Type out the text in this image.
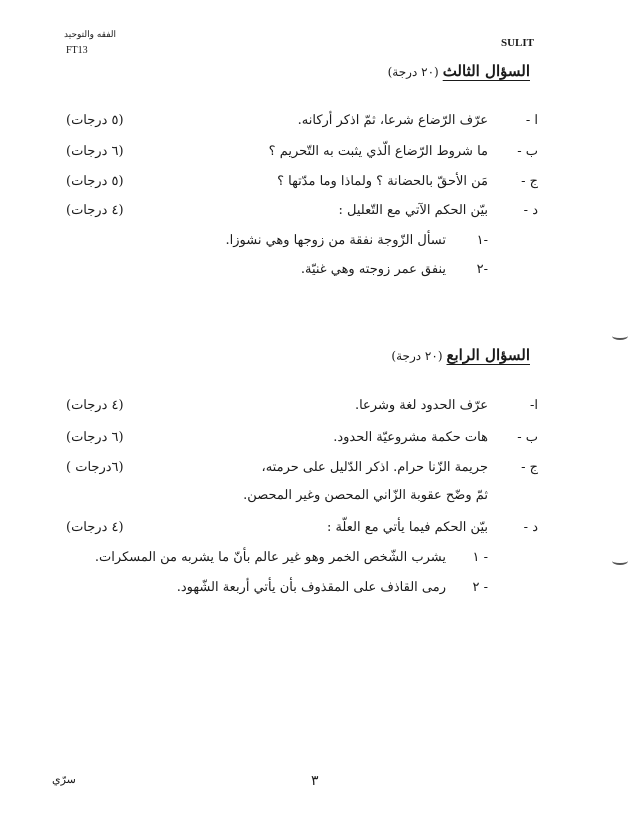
الفقه والتوحيد
FT13
SULIT
السؤال الثالث(٢٠ درجة)
ا -
عرّف الرّضاع شرعا، ثمّ اذكر أركانه.
(٥ درجات)
ب -
ما شروط الرّضاع الّذي يثبت به التّحريم ؟
(٦ درجات)
ج -
مَن الأحقّ بالحضانة ؟ ولماذا وما مدّتها ؟
(٥ درجات)
د -
بيّن الحكم الآتي مع التّعليل :
(٤ درجات)
١-
تسأل الزّوجة نفقة من زوجها وهي نشوزا.
٢-
ينفق عمر زوجته وهي غنيّة.
السؤال الرابع(٢٠ درجة)
ا-
عرّف الحدود لغة وشرعا.
(٤ درجات)
ب -
هات حكمة مشروعيّة الحدود.
(٦ درجات)
ج -
جريمة الزّنا حرام. اذكر الدّليل على حرمته،
(٦درجات )
ثمّ وضّح عقوبة الزّاني المحصن وغير المحصن.
د -
بيّن الحكم فيما يأتي مع العلّة :
(٤ درجات)
١ -
يشرب الشّخص الخمر وهو غير عالم بأنّ ما يشربه من المسكرات.
٢ -
رمى القاذف على المقذوف بأن يأتي أربعة الشّهود.
٣
سرّي
